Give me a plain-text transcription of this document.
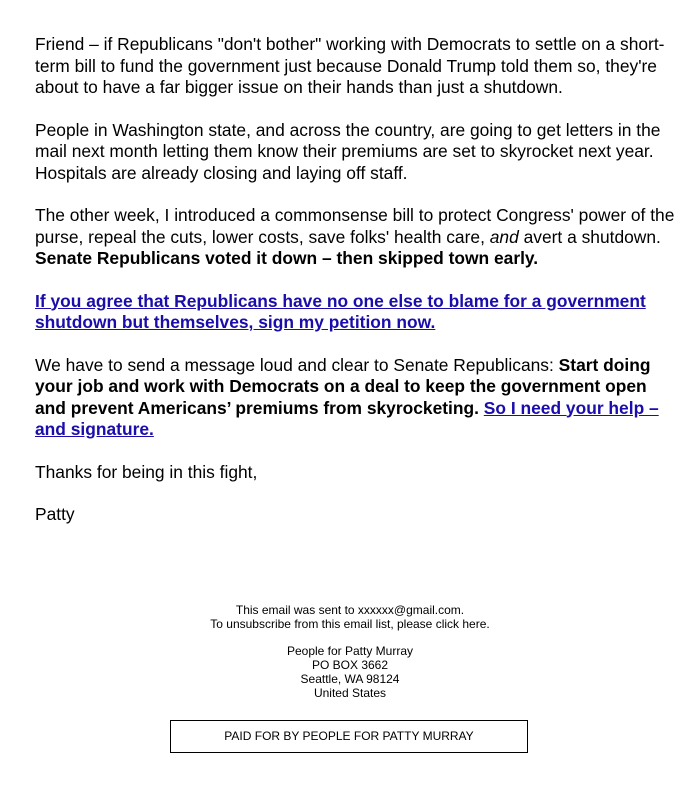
Friend – if Republicans "don't bother" working with Democrats to settle on a short-term bill to fund the government just because Donald Trump told them so, they're about to have a far bigger issue on their hands than just a shutdown.

People in Washington state, and across the country, are going to get letters in the mail next month letting them know their premiums are set to skyrocket next year. Hospitals are already closing and laying off staff.

The other week, I introduced a commonsense bill to protect Congress' power of the purse, repeal the cuts, lower costs, save folks' health care, and avert a shutdown. Senate Republicans voted it down – then skipped town early.

If you agree that Republicans have no one else to blame for a government shutdown but themselves, sign my petition now.

We have to send a message loud and clear to Senate Republicans: Start doing your job and work with Democrats on a deal to keep the government open and prevent Americans’ premiums from skyrocketing. So I need your help – and signature.

Thanks for being in this fight,

Patty

This email was sent to xxxxxx@gmail.com.
To unsubscribe from this email list, please click here.
People for Patty Murray
PO BOX 3662
Seattle, WA 98124
United States
PAID FOR BY PEOPLE FOR PATTY MURRAY
